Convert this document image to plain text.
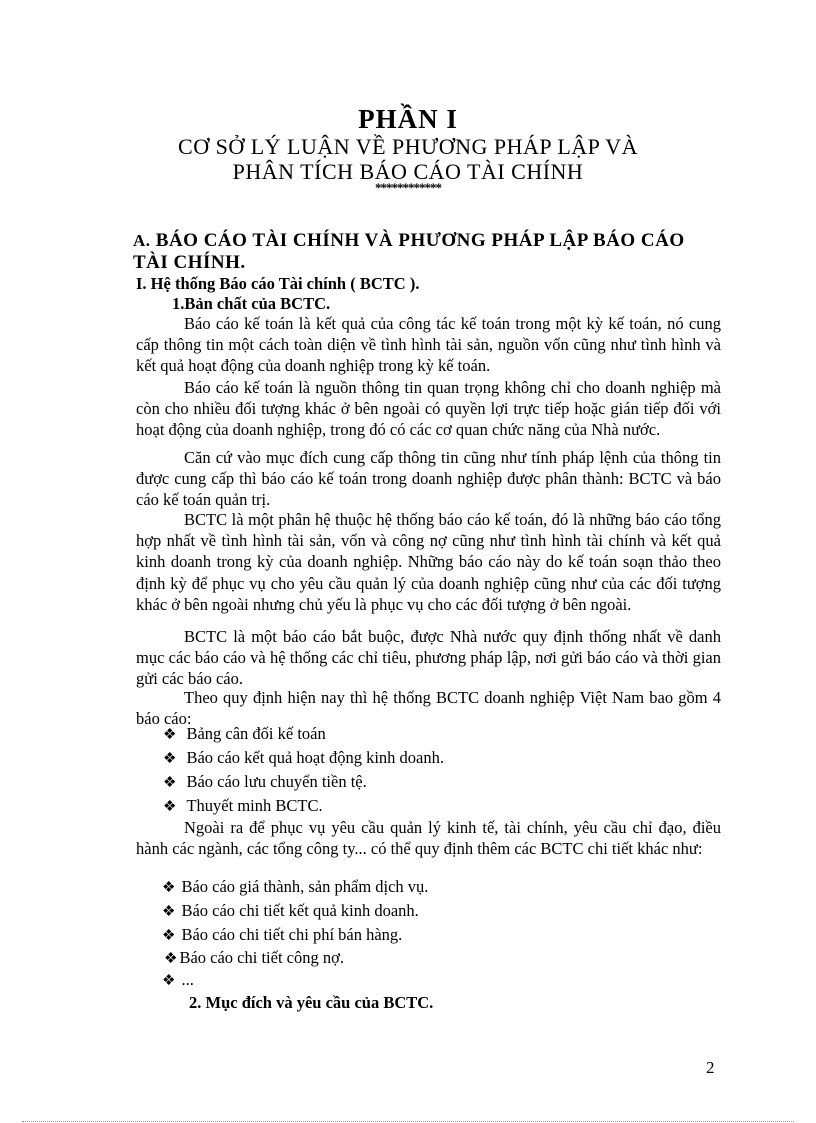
PHẦN I
CƠ SỞ LÝ LUẬN VỀ PHƯƠNG PHÁP LẬP VÀ
PHÂN TÍCH BÁO CÁO TÀI CHÍNH
************
A. BÁO CÁO TÀI CHÍNH VÀ PHƯƠNG PHÁP LẬP BÁO CÁO TÀI CHÍNH.
I. Hệ thống Báo cáo Tài chính ( BCTC ).
1.Bản chất của BCTC.
Báo cáo kế toán là kết quả của công tác kế toán trong một kỳ kế toán, nó cung cấp thông tin một cách toàn diện về tình hình tài sản, nguồn vốn cũng như tình hình và kết quả hoạt động của doanh nghiệp trong kỳ kế toán.
Báo cáo kế toán là nguồn thông tin quan trọng không chỉ cho doanh nghiệp mà còn cho nhiều đối tượng khác ở bên ngoài có quyền lợi trực tiếp hoặc gián tiếp đối với hoạt động của doanh nghiệp, trong đó có các cơ quan chức năng của Nhà nước.
Căn cứ vào mục đích cung cấp thông tin cũng như tính pháp lệnh của thông tin được cung cấp thì báo cáo kế toán trong doanh nghiệp được phân thành: BCTC và báo cáo kế toán quản trị.
BCTC là một phân hệ thuộc hệ thống báo cáo kế toán, đó là những báo cáo tổng hợp nhất về tình hình tài sản, vốn và công nợ cũng như tình hình tài chính và kết quả kinh doanh trong kỳ của doanh nghiệp. Những báo cáo này do kế toán soạn thảo theo định kỳ để phục vụ cho yêu cầu quản lý của doanh nghiệp cũng như của các đối tượng khác ở bên ngoài nhưng chủ yếu là phục vụ cho các đối tượng ở bên ngoài.
BCTC là một báo cáo bắt buộc, được Nhà nước quy định thống nhất về danh mục các báo cáo và hệ thống các chỉ tiêu, phương pháp lập, nơi gửi báo cáo và thời gian gửi các báo cáo.
Theo quy định hiện nay thì hệ thống BCTC doanh nghiệp Việt Nam bao gồm 4 báo cáo:
❖ Bảng cân đối kế toán
❖ Báo cáo kết quả hoạt động kinh doanh.
❖ Báo cáo lưu chuyển tiền tệ.
❖ Thuyết minh BCTC.
Ngoài ra để phục vụ yêu cầu quản lý kinh tế, tài chính, yêu cầu chỉ đạo, điều hành các ngành, các tổng công ty... có thể quy định thêm các BCTC chi tiết khác như:
❖ Báo cáo giá thành, sản phẩm dịch vụ.
❖ Báo cáo chi tiết kết quả kinh doanh.
❖ Báo cáo chi tiết chi phí bán hàng.
❖ Báo cáo chi tiết công nợ.
❖ ...
2. Mục đích và yêu cầu của BCTC.
2
